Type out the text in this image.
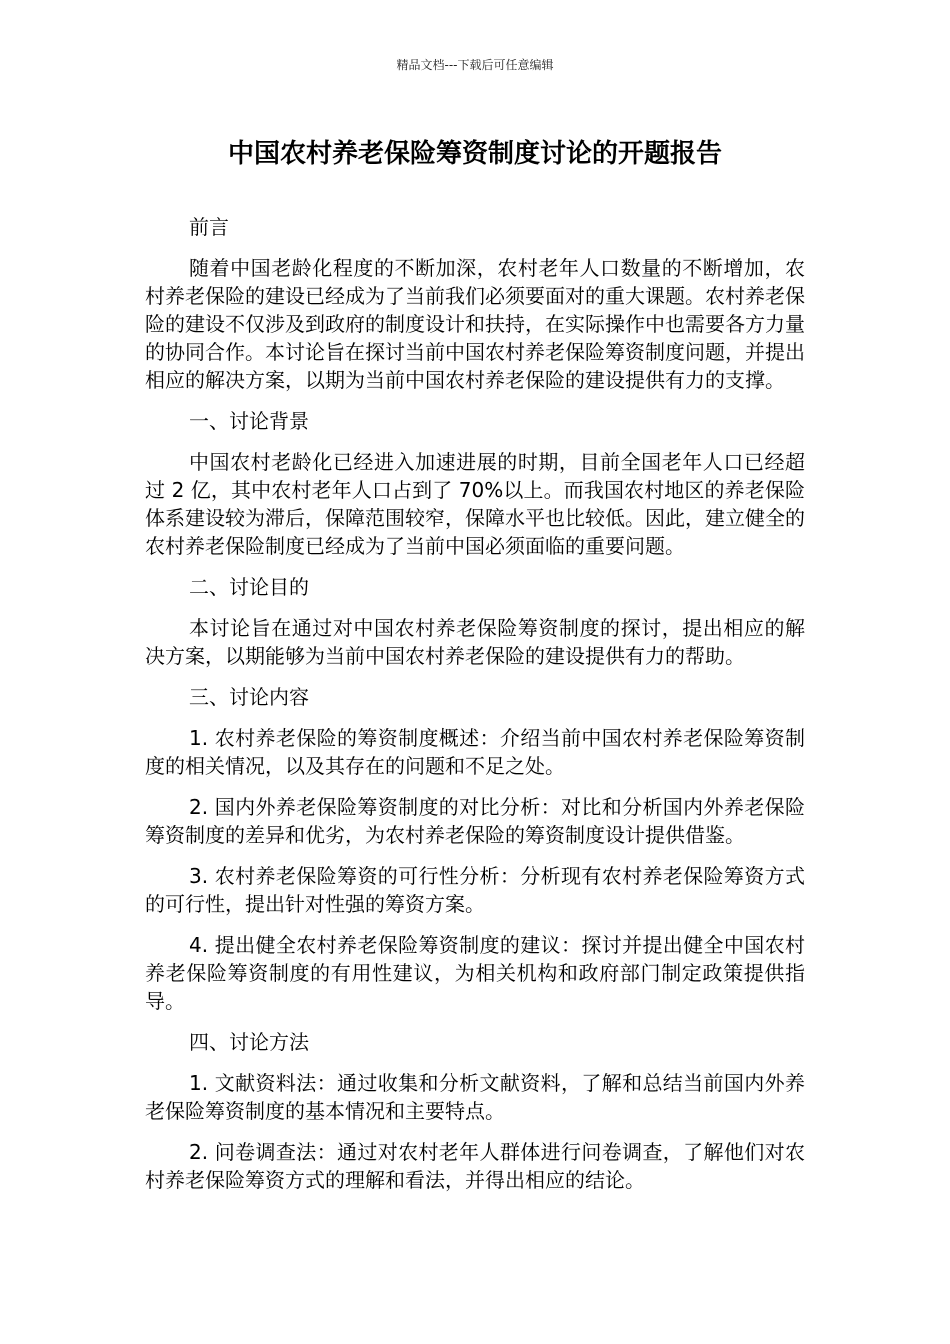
精品文档---下载后可任意编辑
中国农村养老保险筹资制度讨论的开题报告

前言

随着中国老龄化程度的不断加深，农村老年人口数量的不断增加，农村养老保险的建设已经成为了当前我们必须要面对的重大课题。农村养老保险的建设不仅涉及到政府的制度设计和扶持，在实际操作中也需要各方力量的协同合作。本讨论旨在探讨当前中国农村养老保险筹资制度问题，并提出相应的解决方案，以期为当前中国农村养老保险的建设提供有力的支撑。

一、讨论背景

中国农村老龄化已经进入加速进展的时期，目前全国老年人口已经超过 2 亿，其中农村老年人口占到了 70%以上。而我国农村地区的养老保险体系建设较为滞后，保障范围较窄，保障水平也比较低。因此，建立健全的农村养老保险制度已经成为了当前中国必须面临的重要问题。

二、讨论目的

本讨论旨在通过对中国农村养老保险筹资制度的探讨，提出相应的解决方案，以期能够为当前中国农村养老保险的建设提供有力的帮助。

三、讨论内容

1. 农村养老保险的筹资制度概述：介绍当前中国农村养老保险筹资制度的相关情况，以及其存在的问题和不足之处。

2. 国内外养老保险筹资制度的对比分析：对比和分析国内外养老保险筹资制度的差异和优劣，为农村养老保险的筹资制度设计提供借鉴。

3. 农村养老保险筹资的可行性分析：分析现有农村养老保险筹资方式的可行性，提出针对性强的筹资方案。

4. 提出健全农村养老保险筹资制度的建议：探讨并提出健全中国农村养老保险筹资制度的有用性建议，为相关机构和政府部门制定政策提供指导。

四、讨论方法

1. 文献资料法：通过收集和分析文献资料，了解和总结当前国内外养老保险筹资制度的基本情况和主要特点。

2. 问卷调查法：通过对农村老年人群体进行问卷调查，了解他们对农村养老保险筹资方式的理解和看法，并得出相应的结论。
